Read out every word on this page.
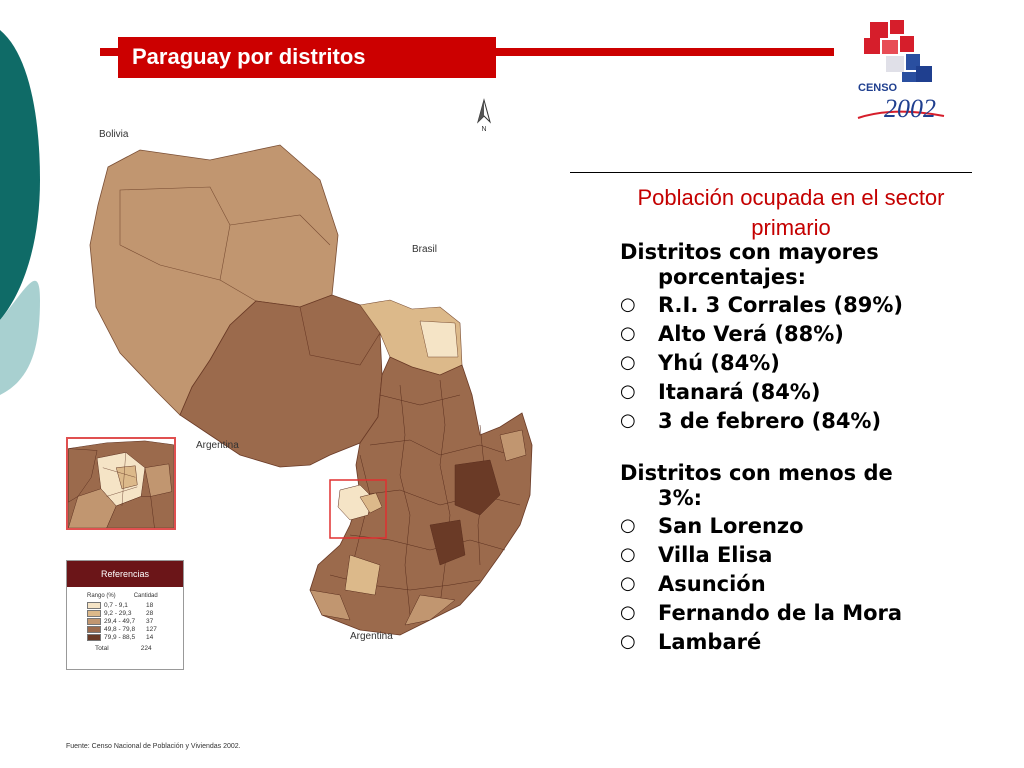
Paraguay por distritos
CENSO
2002
N
Bolivia
Brasil
Argentina
Argentina
Referencias
Rango (%)	Cantidad
0,7 - 9,1	18
9,2 - 29,3	28
29,4 - 49,7	37
49,8 - 79,8	127
79,9 - 88,5	14
Total	224
Población ocupada en el sector primario
Distritos con mayores
porcentajes:
○	R.I. 3 Corrales (89%)
○	Alto Verá (88%)
○	Yhú (84%)
○	Itanará (84%)
○	3 de febrero (84%)
Distritos con menos de
3%:
○	San Lorenzo
○	Villa Elisa
○	Asunción
○	Fernando de la Mora
○	Lambaré
Fuente: Censo Nacional de Población y Viviendas 2002.
